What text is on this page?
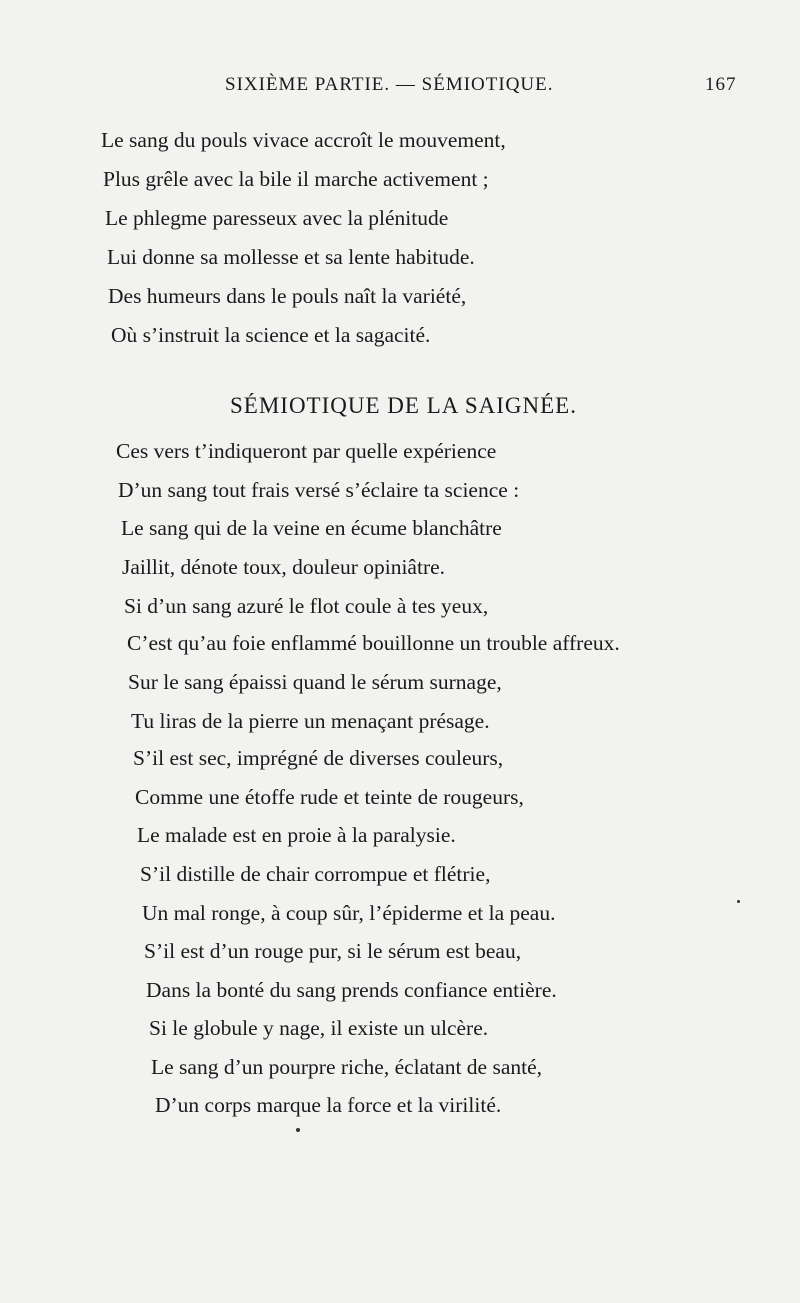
SIXIÈME PARTIE. — SÉMIOTIQUE.	167
Le sang du pouls vivace accroît le mouvement,
Plus grêle avec la bile il marche activement ;
Le phlegme paresseux avec la plénitude
Lui donne sa mollesse et sa lente habitude.
Des humeurs dans le pouls naît la variété,
Où s’instruit la science et la sagacité.
SÉMIOTIQUE DE LA SAIGNÉE.
Ces vers t’indiqueront par quelle expérience
D’un sang tout frais versé s’éclaire ta science :
Le sang qui de la veine en écume blanchâtre
Jaillit, dénote toux, douleur opiniâtre.
Si d’un sang azuré le flot coule à tes yeux,
C’est qu’au foie enflammé bouillonne un trouble affreux.
Sur le sang épaissi quand le sérum surnage,
Tu liras de la pierre un menaçant présage.
S’il est sec, imprégné de diverses couleurs,
Comme une étoffe rude et teinte de rougeurs,
Le malade est en proie à la paralysie.
S’il distille de chair corrompue et flétrie,
Un mal ronge, à coup sûr, l’épiderme et la peau.
S’il est d’un rouge pur, si le sérum est beau,
Dans la bonté du sang prends confiance entière.
Si le globule y nage, il existe un ulcère.
Le sang d’un pourpre riche, éclatant de santé,
D’un corps marque la force et la virilité.
